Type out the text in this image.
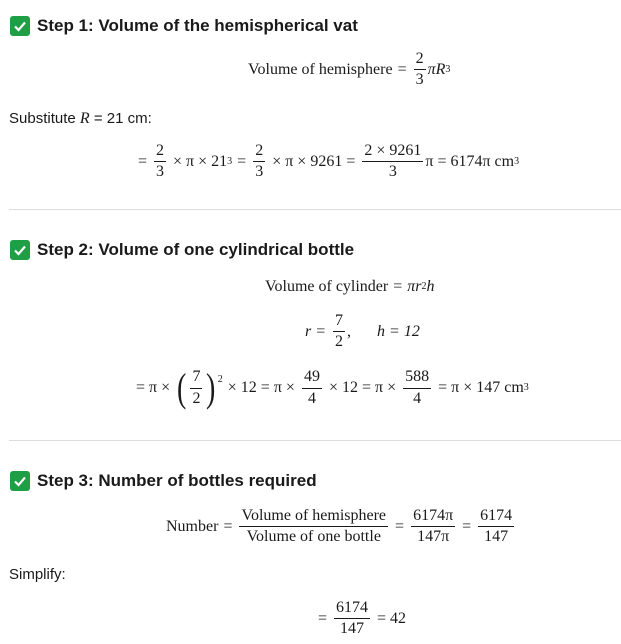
Step 1: Volume of the hemispherical vat
Volume of hemisphere = $\frac{2}{3}$ π R 3
Substitute R = 21 cm:
= $\frac{2}{3} \times \pi \times 21$ $3 = \frac{2}{3} \times \pi \times 9261 = \frac{2 \times 9261}{3}$ π = 6174π cm 3
Step 2: Volume of one cylindrical bottle
Volume of cylinder = πr 2 h
$r = \frac{7}{2}$ , h = 12
= π × ( $\frac{7}{2} )^2 \times 12 = \pi \times \frac{49}{4} \times 12 = \pi \times \frac{588}{4} = \pi \times 147$ cm 3
Step 3: Number of bottles required
Number = $\frac{\text{Volume of hemisphere}}{\text{Volume of one bottle}} = \frac{6174\pi}{147\pi} = \frac{6174}{147}$
Simplify:
= $\frac{6174}{147} = 42$
